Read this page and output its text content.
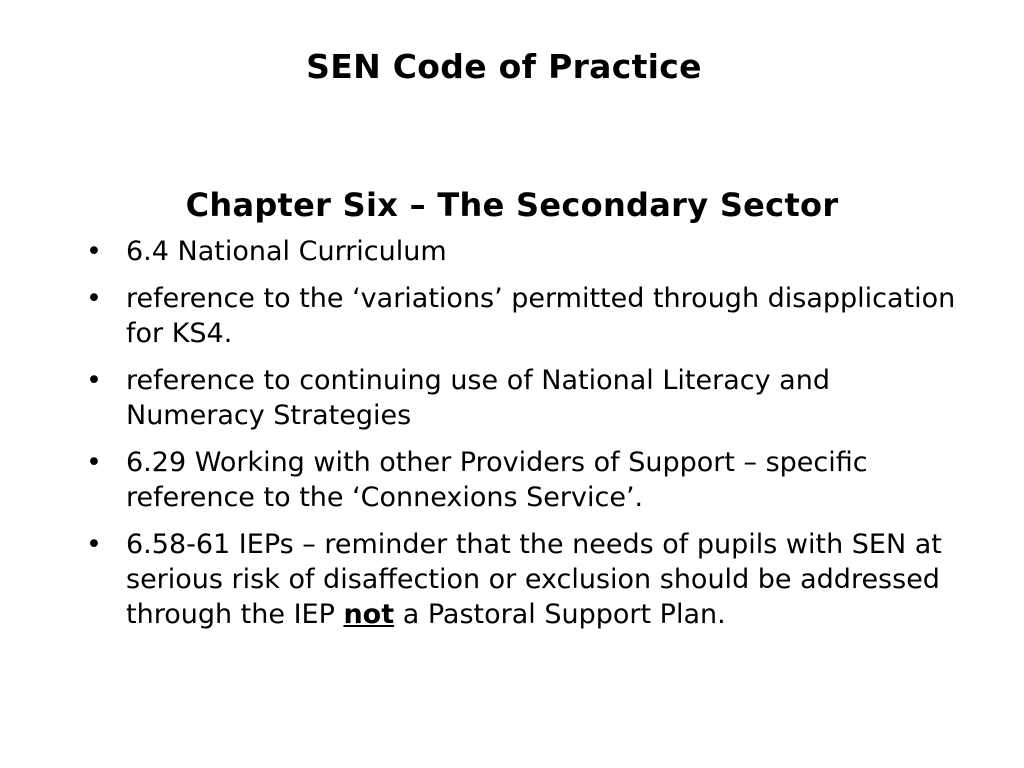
SEN Code of Practice
Chapter Six – The Secondary Sector
• 6.4 National Curriculum
• reference to the ‘variations’ permitted through disapplication for KS4.
• reference to continuing use of National Literacy and Numeracy Strategies
• 6.29 Working with other Providers of Support – specific reference to the ‘Connexions Service’.
• 6.58-61 IEPs – reminder that the needs of pupils with SEN at serious risk of disaffection or exclusion should be addressed through the IEP not a Pastoral Support Plan.
